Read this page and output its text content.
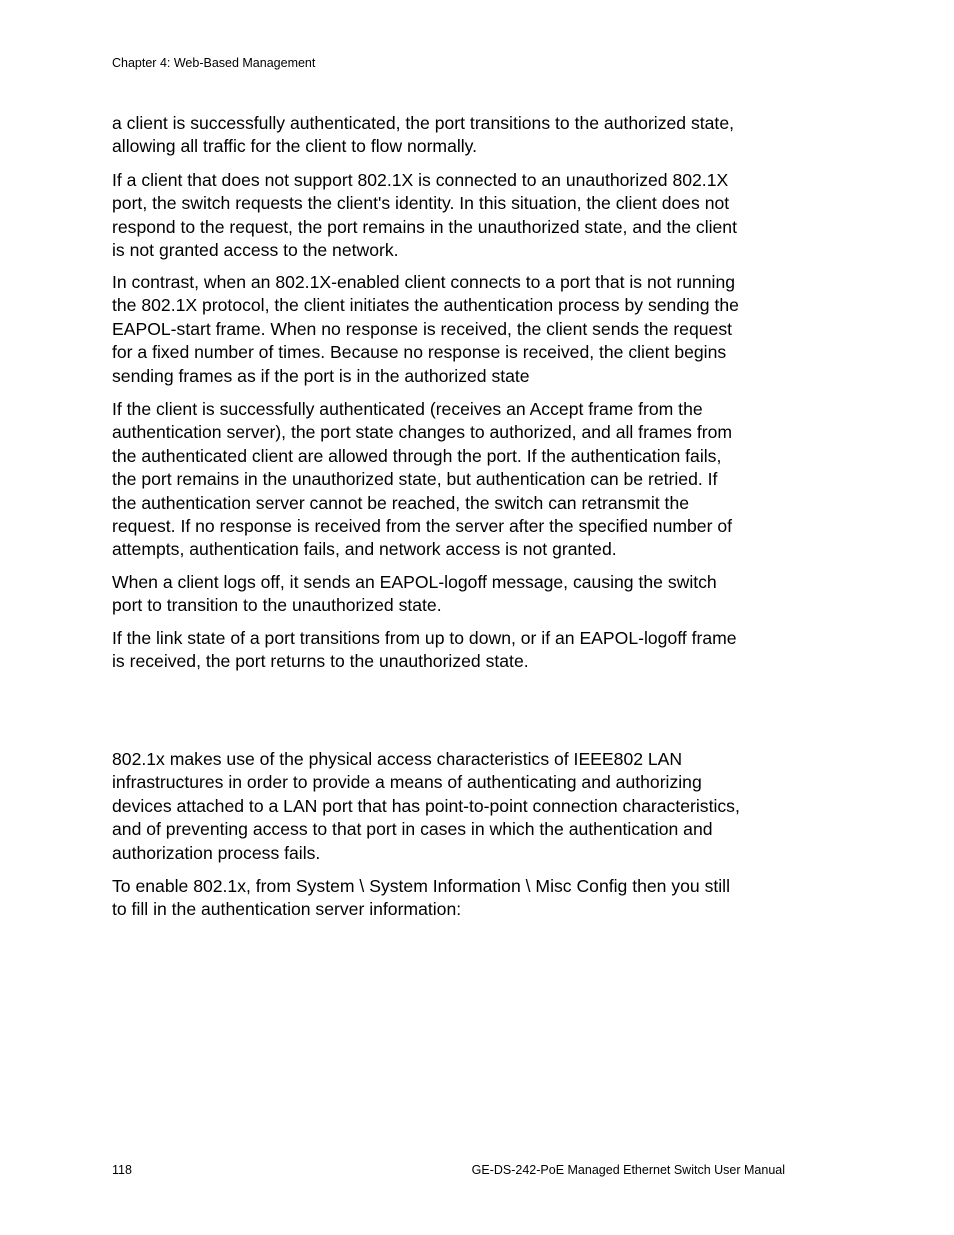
Chapter 4: Web-Based Management
a client is successfully authenticated, the port transitions to the authorized state,
allowing all traffic for the client to flow normally.
If a client that does not support 802.1X is connected to an unauthorized 802.1X
port, the switch requests the client's identity. In this situation, the client does not
respond to the request, the port remains in the unauthorized state, and the client
is not granted access to the network.
In contrast, when an 802.1X-enabled client connects to a port that is not running
the 802.1X protocol, the client initiates the authentication process by sending the
EAPOL-start frame. When no response is received, the client sends the request
for a fixed number of times. Because no response is received, the client begins
sending frames as if the port is in the authorized state
If the client is successfully authenticated (receives an Accept frame from the
authentication server), the port state changes to authorized, and all frames from
the authenticated client are allowed through the port. If the authentication fails,
the port remains in the unauthorized state, but authentication can be retried. If
the authentication server cannot be reached, the switch can retransmit the
request. If no response is received from the server after the specified number of
attempts, authentication fails, and network access is not granted.
When a client logs off, it sends an EAPOL-logoff message, causing the switch
port to transition to the unauthorized state.
If the link state of a port transitions from up to down, or if an EAPOL-logoff frame
is received, the port returns to the unauthorized state.
802.1x makes use of the physical access characteristics of IEEE802 LAN
infrastructures in order to provide a means of authenticating and authorizing
devices attached to a LAN port that has point-to-point connection characteristics,
and of preventing access to that port in cases in which the authentication and
authorization process fails.
To enable 802.1x, from System \ System Information \ Misc Config then you still
to fill in the authentication server information:
118	GE-DS-242-PoE Managed Ethernet Switch User Manual
